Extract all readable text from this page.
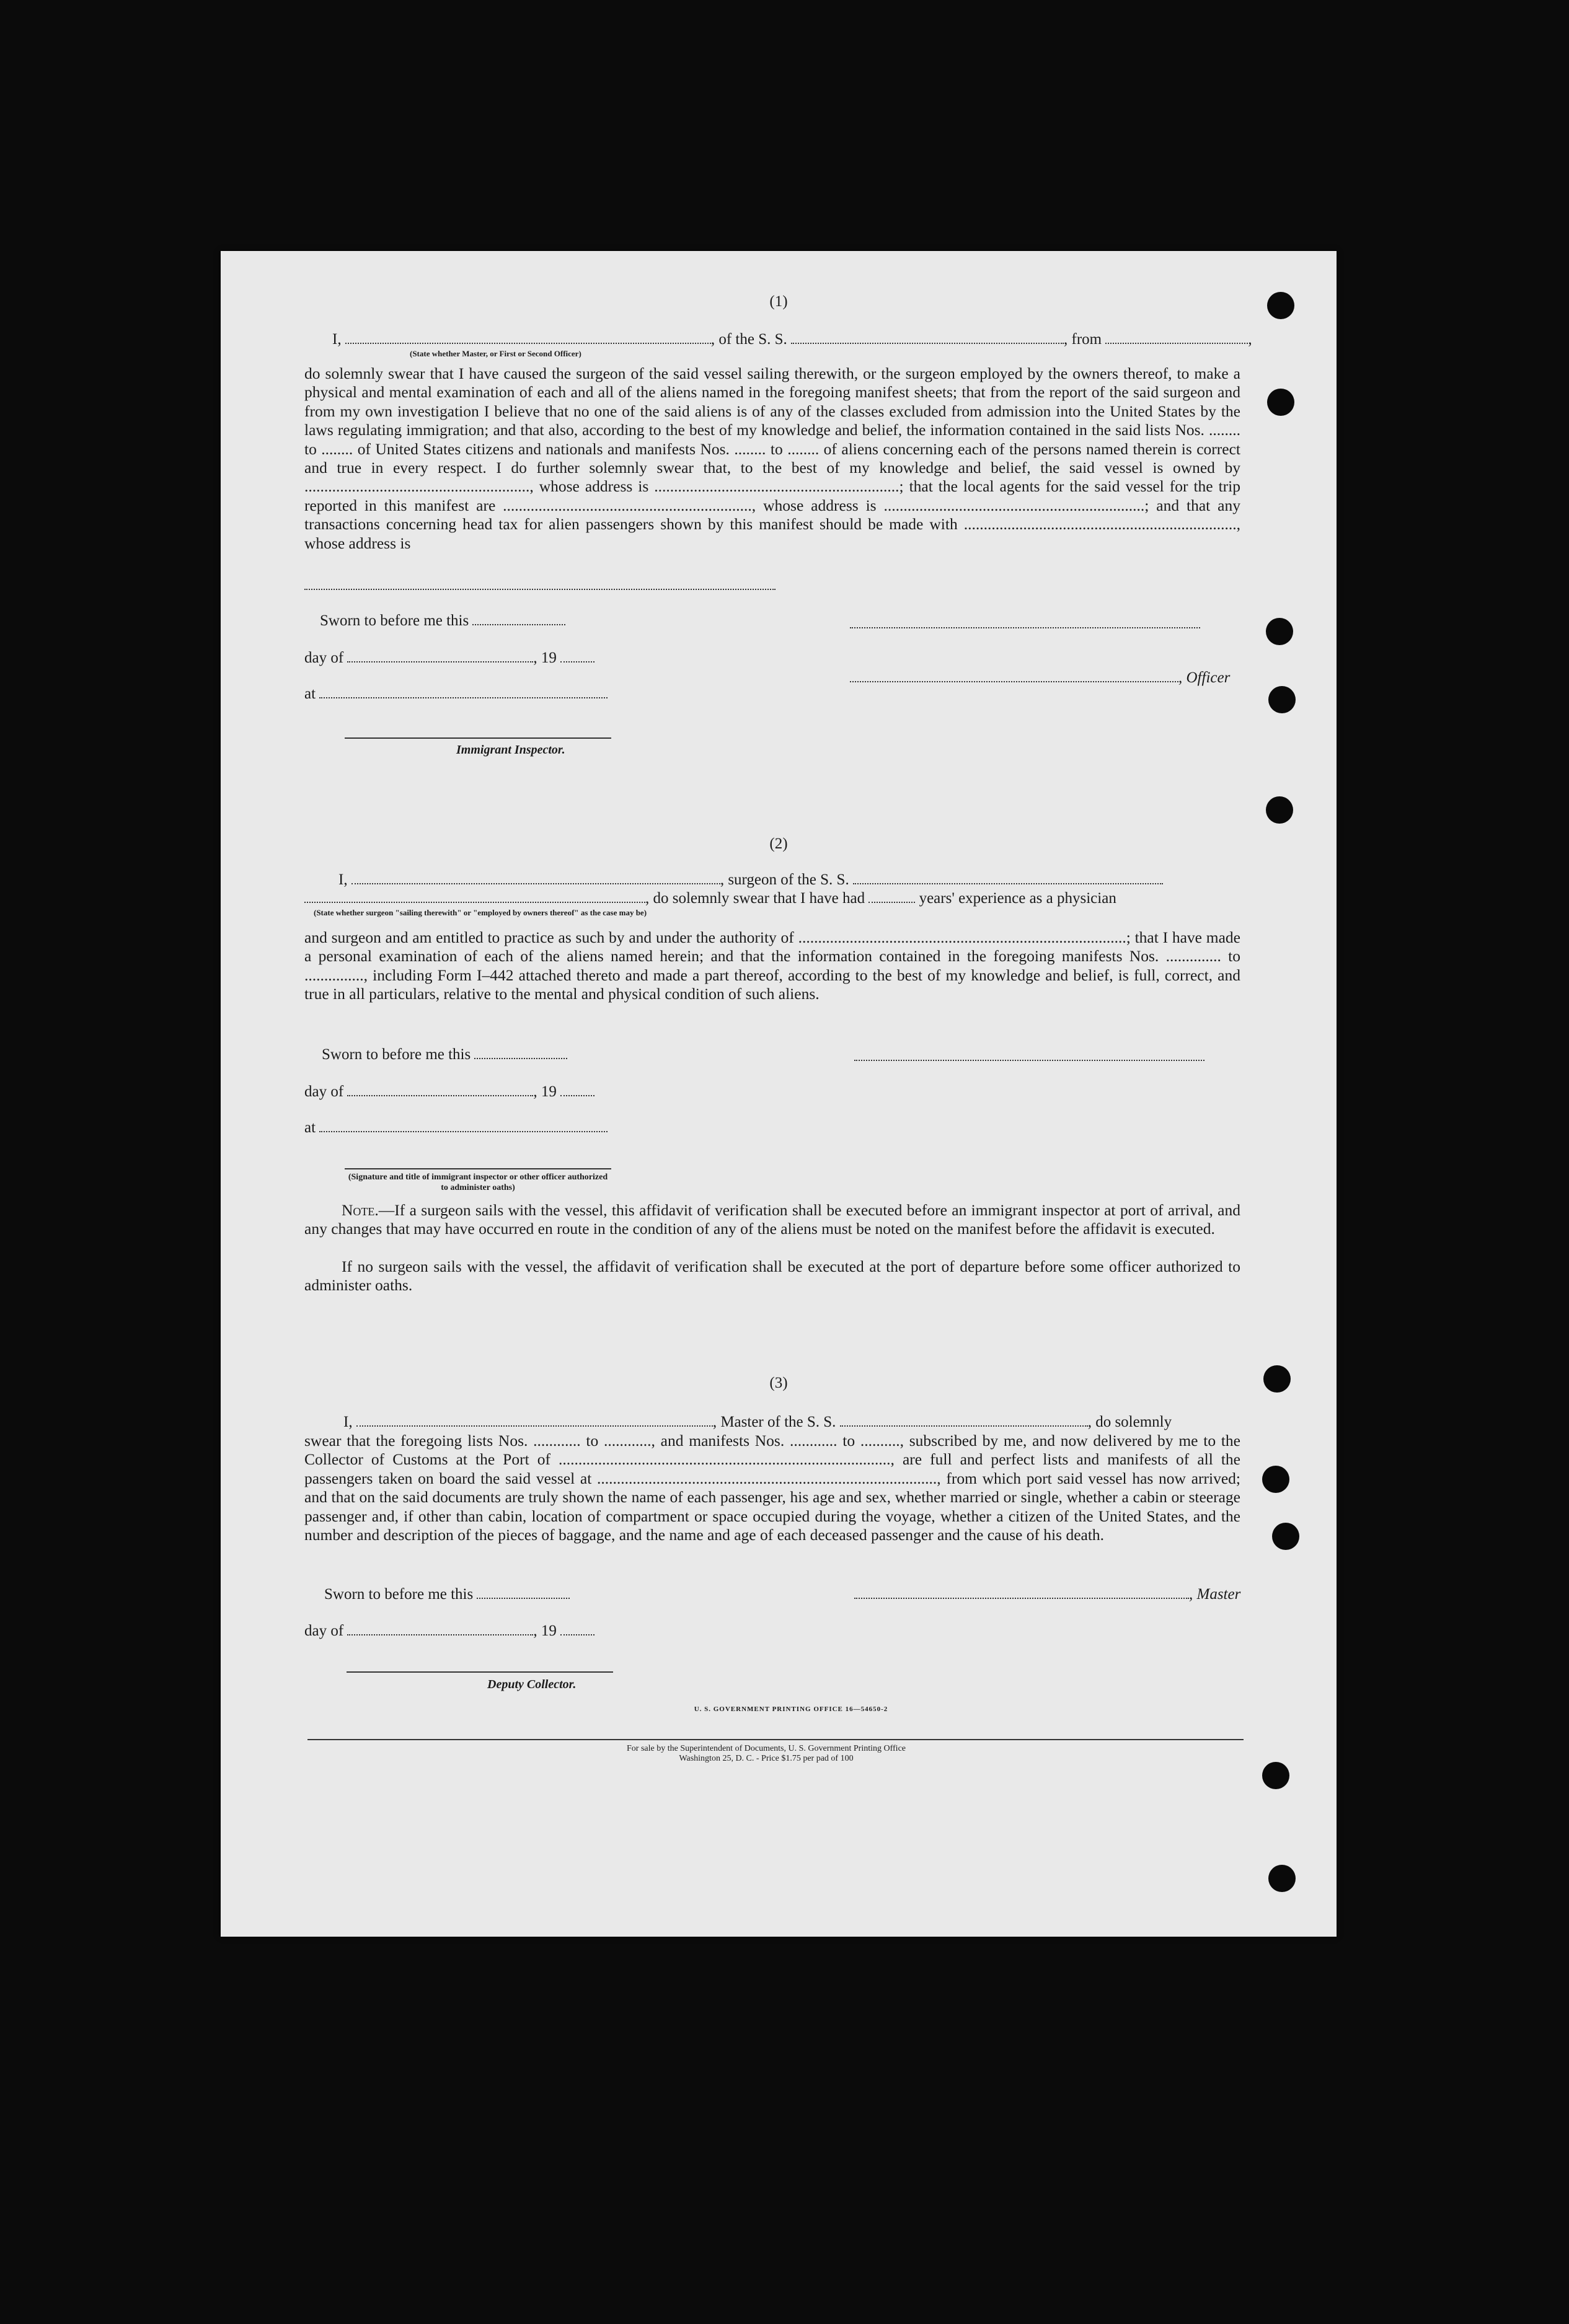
(1)
I,	, of the S. S.	, from	,
(State whether Master, or First or Second Officer)
do solemnly swear that I have caused the surgeon of the said vessel sailing therewith, or the surgeon employed by the owners thereof, to make a physical and mental examination of each and all of the aliens named in the foregoing manifest sheets; that from the report of the said surgeon and from my own investigation I believe that no one of the said aliens is of any of the classes excluded from admission into the United States by the laws regulating immigration; and that also, according to the best of my knowledge and belief, the information contained in the said lists Nos. ........ to ........ of United States citizens and nationals and manifests Nos. ........ to ........ of aliens concerning each of the persons named therein is correct and true in every respect. I do further solemnly swear that, to the best of my knowledge and belief, the said vessel is owned by ........................................................., whose address is ..............................................................; that the local agents for the said vessel for the trip reported in this manifest are ..............................................................., whose address is ..................................................................; and that any transactions concerning head tax for alien passengers shown by this manifest should be made with ....................................................................., whose address is
Sworn to before me this
day of	, 19
, Officer
at
Immigrant Inspector.
(2)
I,	, surgeon of the S. S.
, do solemnly swear that I have had	years' experience as a physician
(State whether surgeon "sailing therewith" or "employed by owners thereof" as the case may be)
and surgeon and am entitled to practice as such by and under the authority of ...................................................................................; that I have made a personal examination of each of the aliens named herein; and that the information contained in the foregoing manifests Nos. .............. to ..............., including Form I–442 attached thereto and made a part thereof, according to the best of my knowledge and belief, is full, correct, and true in all particulars, relative to the mental and physical condition of such aliens.
Sworn to before me this
day of	, 19
at
(Signature and title of immigrant inspector or other officer authorized to administer oaths)
Note.—If a surgeon sails with the vessel, this affidavit of verification shall be executed before an immigrant inspector at port of arrival, and any changes that may have occurred en route in the condition of any of the aliens must be noted on the manifest before the affidavit is executed.
If no surgeon sails with the vessel, the affidavit of verification shall be executed at the port of departure before some officer authorized to administer oaths.
(3)
I,	, Master of the S. S.	, do solemnly
swear that the foregoing lists Nos. ............ to ............, and manifests Nos. ............ to .........., subscribed by me, and now delivered by me to the Collector of Customs at the Port of ...................................................................................., are full and perfect lists and manifests of all the passengers taken on board the said vessel at ......................................................................................, from which port said vessel has now arrived; and that on the said documents are truly shown the name of each passenger, his age and sex, whether married or single, whether a cabin or steerage passenger and, if other than cabin, location of compartment or space occupied during the voyage, whether a citizen of the United States, and the number and description of the pieces of baggage, and the name and age of each deceased passenger and the cause of his death.
Sworn to before me this	, Master
day of	, 19
Deputy Collector.
U. S. GOVERNMENT PRINTING OFFICE 16—54650-2
For sale by the Superintendent of Documents, U. S. Government Printing Office
Washington 25, D. C. - Price $1.75 per pad of 100
